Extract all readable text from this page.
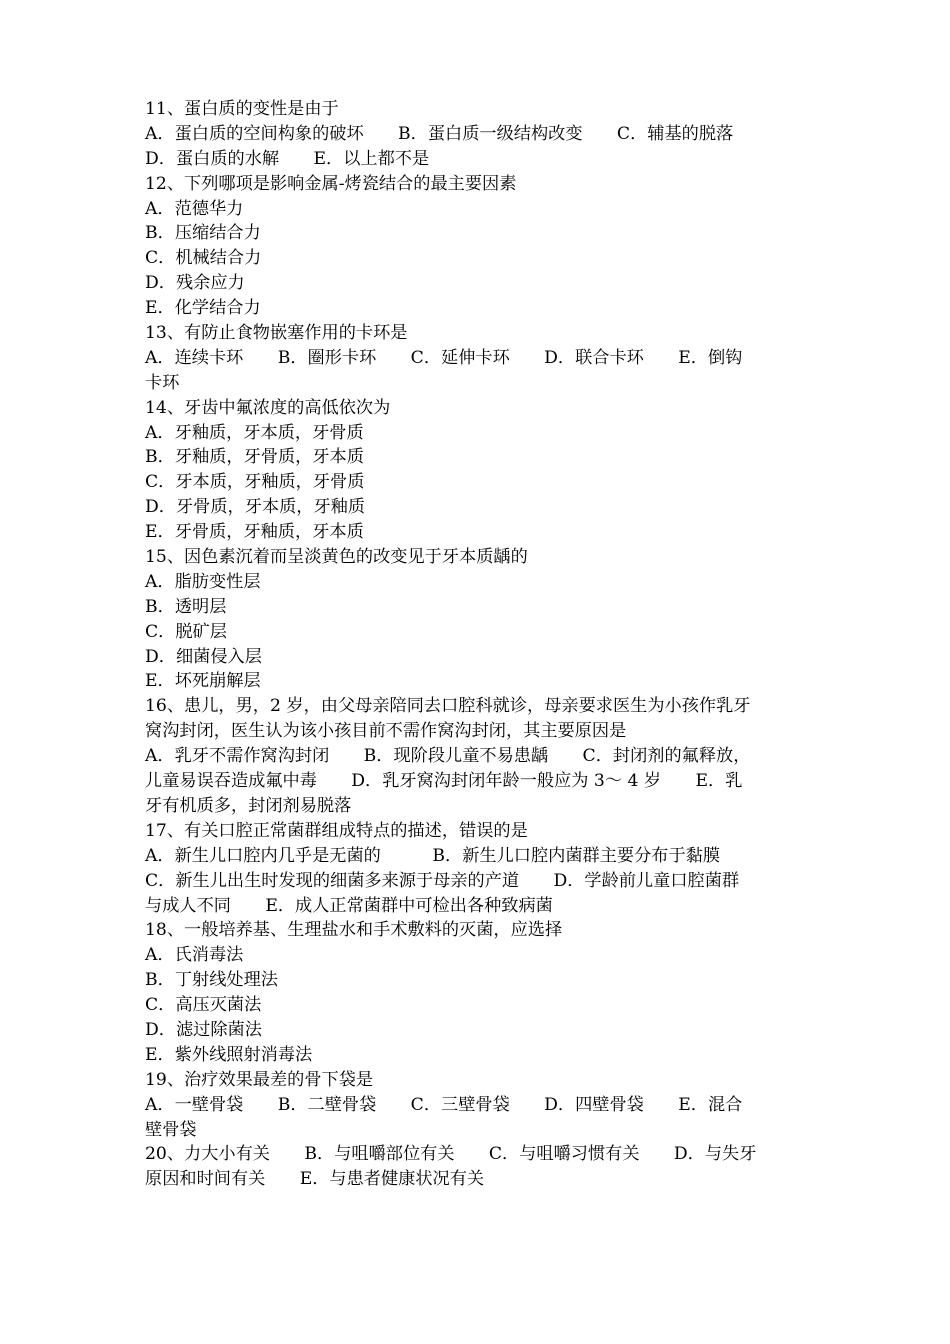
11、蛋白质的变性是由于
A．蛋白质的空间构象的破坏　　B．蛋白质一级结构改变　　C．辅基的脱落
D．蛋白质的水解　　E．以上都不是
12、下列哪项是影响金属-烤瓷结合的最主要因素
A．范德华力
B．压缩结合力
C．机械结合力
D．残余应力
E．化学结合力
13、有防止食物嵌塞作用的卡环是
A．连续卡环　　B．圈形卡环　　C．延伸卡环　　D．联合卡环　　E．倒钩
卡环
14、牙齿中氟浓度的高低依次为
A．牙釉质，牙本质，牙骨质
B．牙釉质，牙骨质，牙本质
C．牙本质，牙釉质，牙骨质
D．牙骨质，牙本质，牙釉质
E．牙骨质，牙釉质，牙本质
15、因色素沉着而呈淡黄色的改变见于牙本质龋的
A．脂肪变性层
B．透明层
C．脱矿层
D．细菌侵入层
E．坏死崩解层
16、患儿，男，2 岁，由父母亲陪同去口腔科就诊，母亲要求医生为小孩作乳牙
窝沟封闭，医生认为该小孩目前不需作窝沟封闭，其主要原因是
A．乳牙不需作窝沟封闭　　B．现阶段儿童不易患龋　　C．封闭剂的氟释放，
儿童易误吞造成氟中毒　　D．乳牙窝沟封闭年龄一般应为 3～ 4 岁　　E．乳
牙有机质多，封闭剂易脱落
17、有关口腔正常菌群组成特点的描述，错误的是
A．新生儿口腔内几乎是无菌的　　　B．新生儿口腔内菌群主要分布于黏膜
C．新生儿出生时发现的细菌多来源于母亲的产道　　D．学龄前儿童口腔菌群
与成人不同　　E．成人正常菌群中可检出各种致病菌
18、一般培养基、生理盐水和手术敷料的灭菌，应选择
A．氏消毒法
B．丁射线处理法
C．高压灭菌法
D．滤过除菌法
E．紫外线照射消毒法
19、治疗效果最差的骨下袋是
A．一壁骨袋　　B．二壁骨袋　　C．三壁骨袋　　D．四壁骨袋　　E．混合
壁骨袋
20、力大小有关　　B．与咀嚼部位有关　　C．与咀嚼习惯有关　　D．与失牙
原因和时间有关　　E．与患者健康状况有关
